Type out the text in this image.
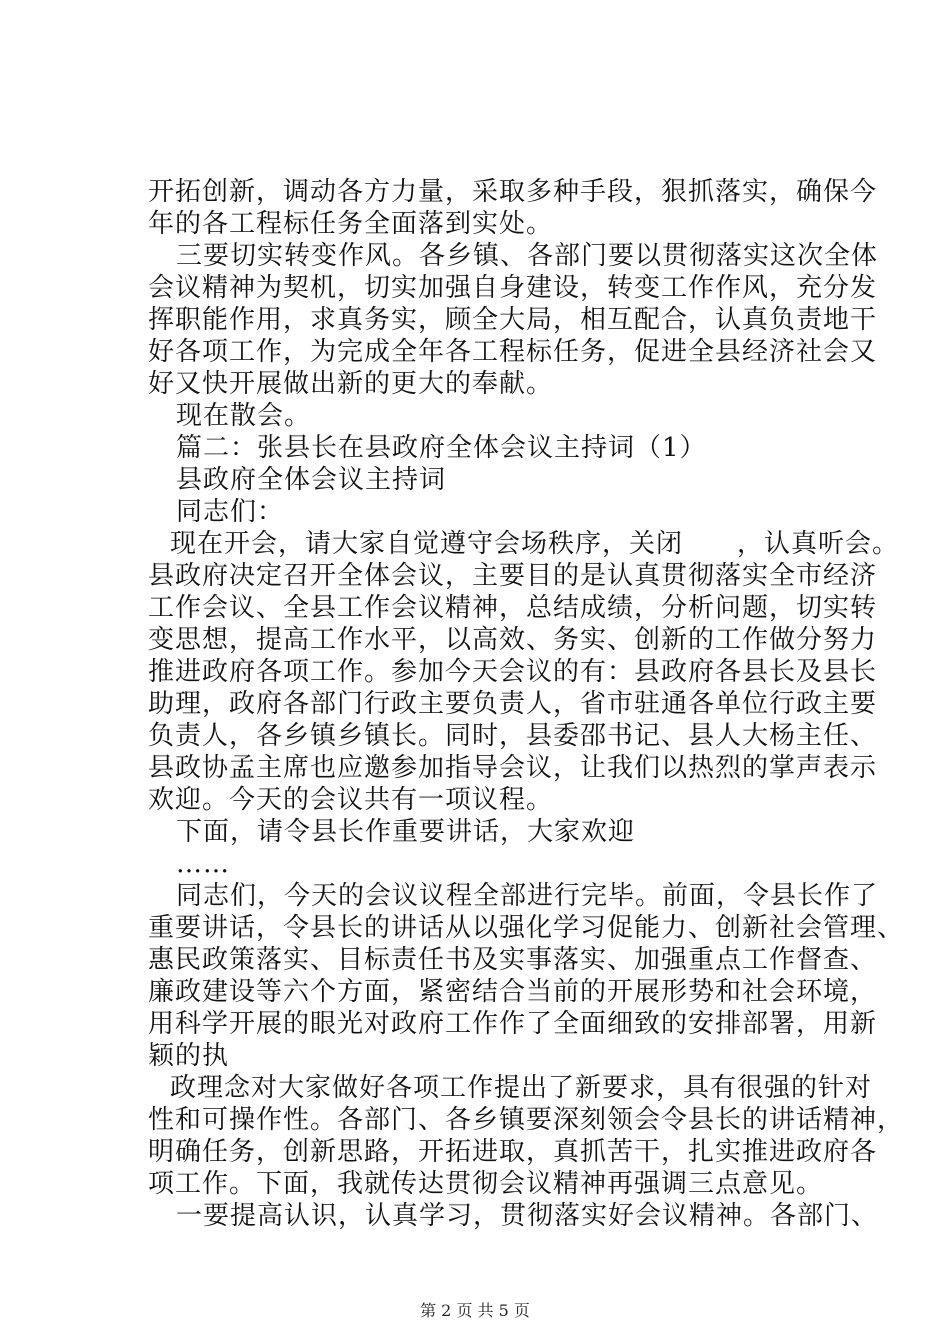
开拓创新，调动各方力量，采取多种手段，狠抓落实，确保今
年的各工程标任务全面落到实处。
三要切实转变作风。各乡镇、各部门要以贯彻落实这次全体
会议精神为契机，切实加强自身建设，转变工作作风，充分发
挥职能作用，求真务实，顾全大局，相互配合，认真负责地干
好各项工作，为完成全年各工程标任务，促进全县经济社会又
好又快开展做出新的更大的奉献。
现在散会。
篇二：张县长在县政府全体会议主持词（1）
县政府全体会议主持词
同志们：
现在开会，请大家自觉遵守会场秩序，关闭　　，认真听会。
县政府决定召开全体会议，主要目的是认真贯彻落实全市经济
工作会议、全县工作会议精神，总结成绩，分析问题，切实转
变思想，提高工作水平，以高效、务实、创新的工作做分努力
推进政府各项工作。参加今天会议的有：县政府各县长及县长
助理，政府各部门行政主要负责人，省市驻通各单位行政主要
负责人，各乡镇乡镇长。同时，县委邵书记、县人大杨主任、
县政协孟主席也应邀参加指导会议，让我们以热烈的掌声表示
欢迎。今天的会议共有一项议程。
下面，请令县长作重要讲话，大家欢迎
……
同志们，今天的会议议程全部进行完毕。前面，令县长作了
重要讲话，令县长的讲话从以强化学习促能力、创新社会管理、
惠民政策落实、目标责任书及实事落实、加强重点工作督查、
廉政建设等六个方面，紧密结合当前的开展形势和社会环境，
用科学开展的眼光对政府工作作了全面细致的安排部署，用新
颖的执
政理念对大家做好各项工作提出了新要求，具有很强的针对
性和可操作性。各部门、各乡镇要深刻领会令县长的讲话精神，
明确任务，创新思路，开拓进取，真抓苦干，扎实推进政府各
项工作。下面，我就传达贯彻会议精神再强调三点意见。
一要提高认识，认真学习，贯彻落实好会议精神。各部门、
第 2 页 共 5 页
